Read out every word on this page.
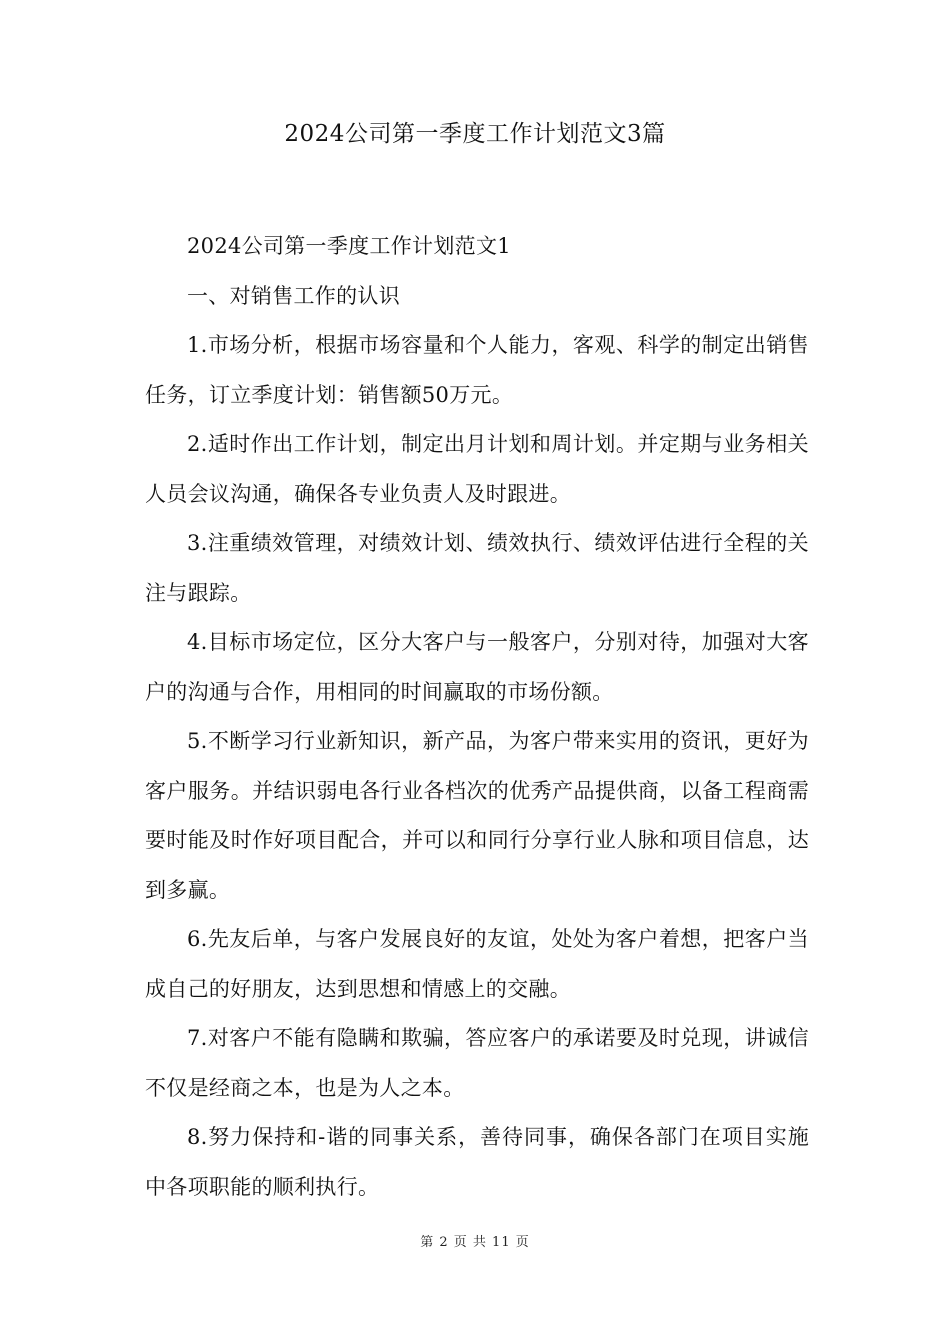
2024公司第一季度工作计划范文3篇

2024公司第一季度工作计划范文1

一、对销售工作的认识

1.市场分析，根据市场容量和个人能力，客观、科学的制定出销售任务，订立季度计划：销售额50万元。

2.适时作出工作计划，制定出月计划和周计划。并定期与业务相关人员会议沟通，确保各专业负责人及时跟进。

3.注重绩效管理，对绩效计划、绩效执行、绩效评估进行全程的关注与跟踪。

4.目标市场定位，区分大客户与一般客户，分别对待，加强对大客户的沟通与合作，用相同的时间赢取的市场份额。

5.不断学习行业新知识，新产品，为客户带来实用的资讯，更好为客户服务。并结识弱电各行业各档次的优秀产品提供商，以备工程商需要时能及时作好项目配合，并可以和同行分享行业人脉和项目信息，达到多赢。

6.先友后单，与客户发展良好的友谊，处处为客户着想，把客户当成自己的好朋友，达到思想和情感上的交融。

7.对客户不能有隐瞒和欺骗，答应客户的承诺要及时兑现，讲诚信不仅是经商之本，也是为人之本。

8.努力保持和-谐的同事关系，善待同事，确保各部门在项目实施中各项职能的顺利执行。

第 2 页 共 11 页
